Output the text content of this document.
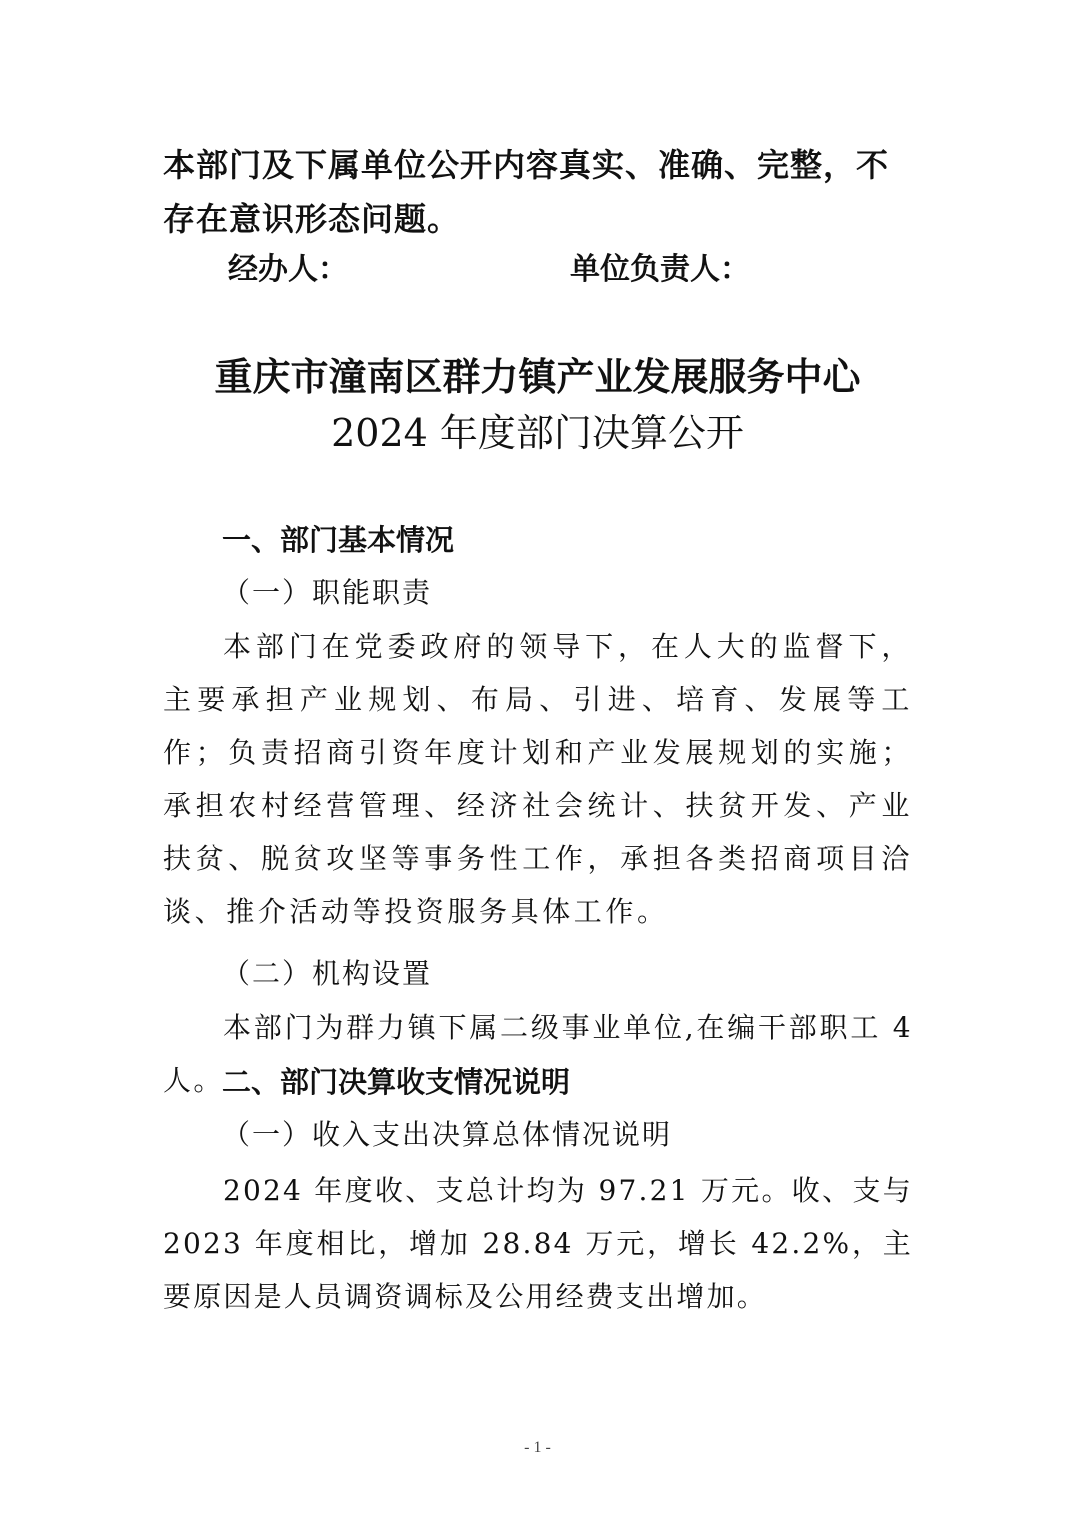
本部门及下属单位公开内容真实、准确、完整，不存在意识形态问题。
经办人：	单位负责人：
重庆市潼南区群力镇产业发展服务中心
2024 年度部门决算公开
一、部门基本情况
（一）职能职责
本部门在党委政府的领导下，在人大的监督下，主要承担产业规划、布局、引进、培育、发展等工作；负责招商引资年度计划和产业发展规划的实施；承担农村经营管理、经济社会统计、扶贫开发、产业扶贫、脱贫攻坚等事务性工作，承担各类招商项目洽谈、推介活动等投资服务具体工作。
（二）机构设置
本部门为群力镇下属二级事业单位,在编干部职工 4 人。
二、部门决算收支情况说明
（一）收入支出决算总体情况说明
2024 年度收、支总计均为 97.21 万元。收、支与 2023 年度相比，增加 28.84 万元，增长 42.2%，主要原因是人员调资调标及公用经费支出增加。
- 1 -
